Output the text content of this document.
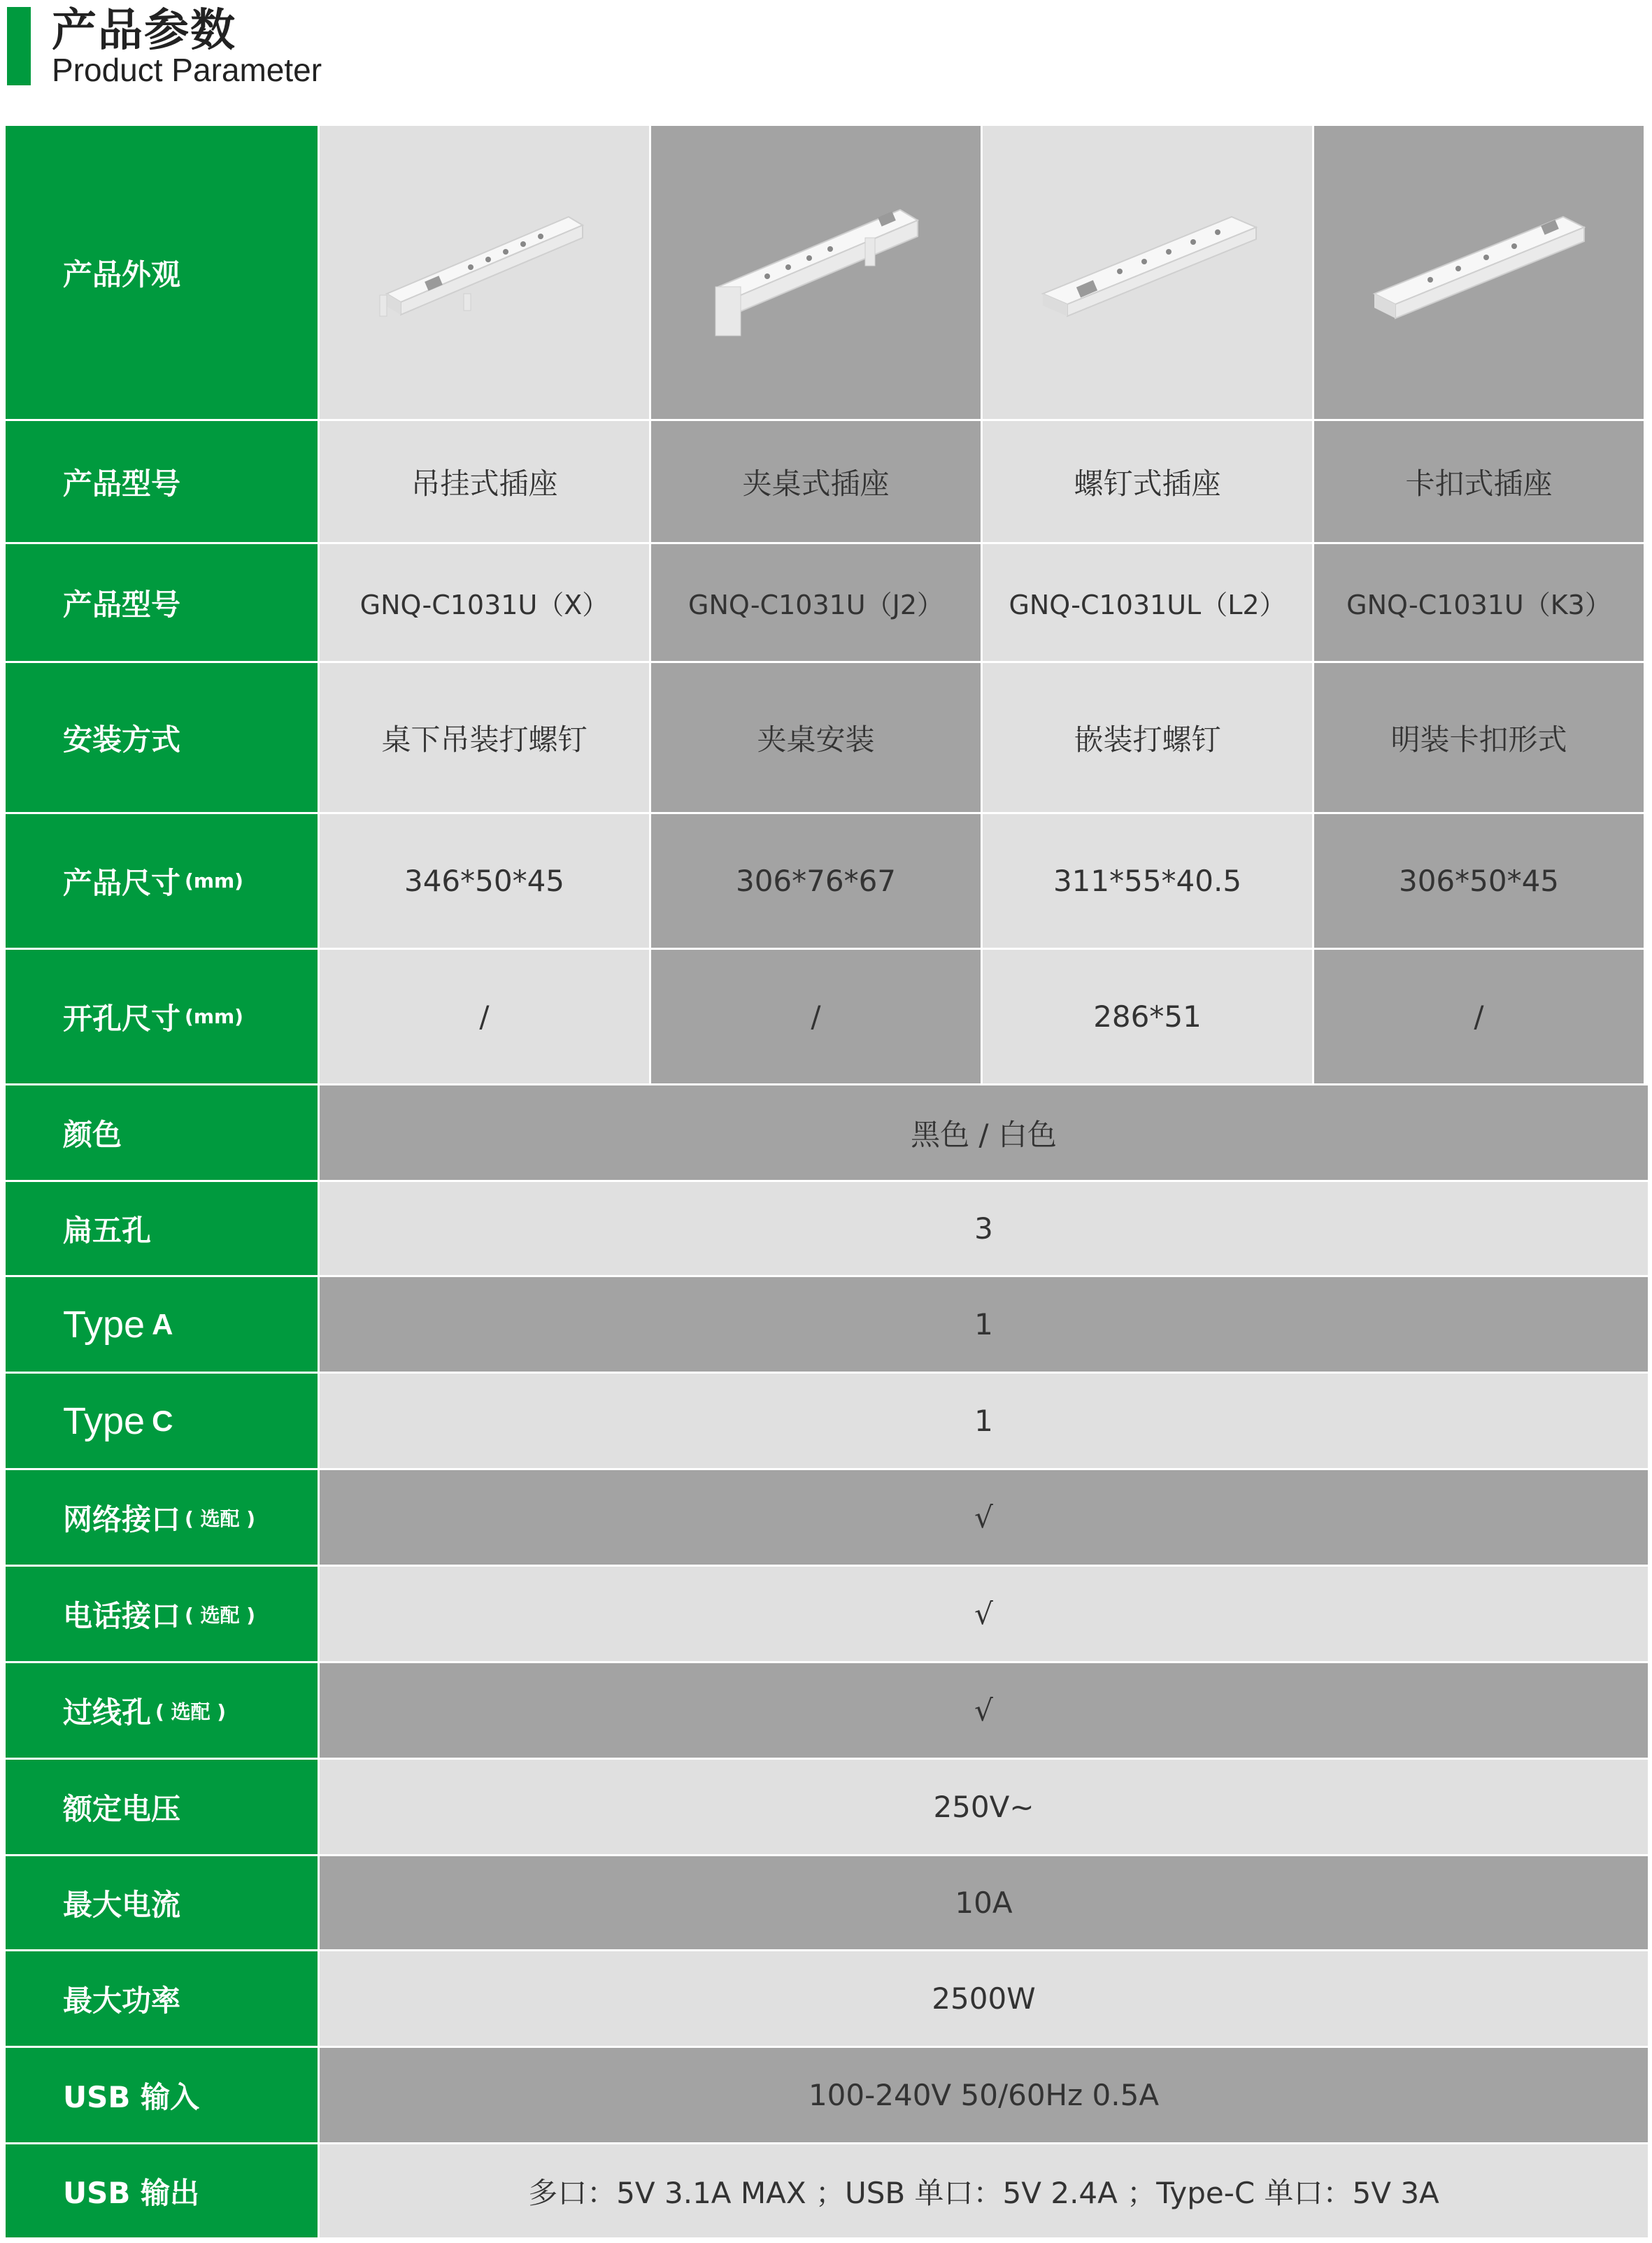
产品参数
Product Parameter
产品外观
产品型号	吊挂式插座	夹桌式插座	螺钉式插座	卡扣式插座
产品型号	GNQ-C1031U（X）	GNQ-C1031U（J2）	GNQ-C1031UL（L2）	GNQ-C1031U（K3）
安装方式	桌下吊装打螺钉	夹桌安装	嵌装打螺钉	明装卡扣形式
产品尺寸 (mm)	346*50*45	306*76*67	311*55*40.5	306*50*45
开孔尺寸 (mm)	/	/	286*51	/
颜色	黑色 / 白色
扁五孔	3
Type A	1
Type C	1
网络接口 ( 选配 )	√
电话接口 ( 选配 )	√
过线孔 ( 选配 )	√
额定电压	250V~
最大电流	10A
最大功率	2500W
USB 输入	100-240V 50/60Hz 0.5A
USB 输出	多口：5V 3.1A MAX ；USB 单口：5V 2.4A ；Type-C 单口：5V 3A
